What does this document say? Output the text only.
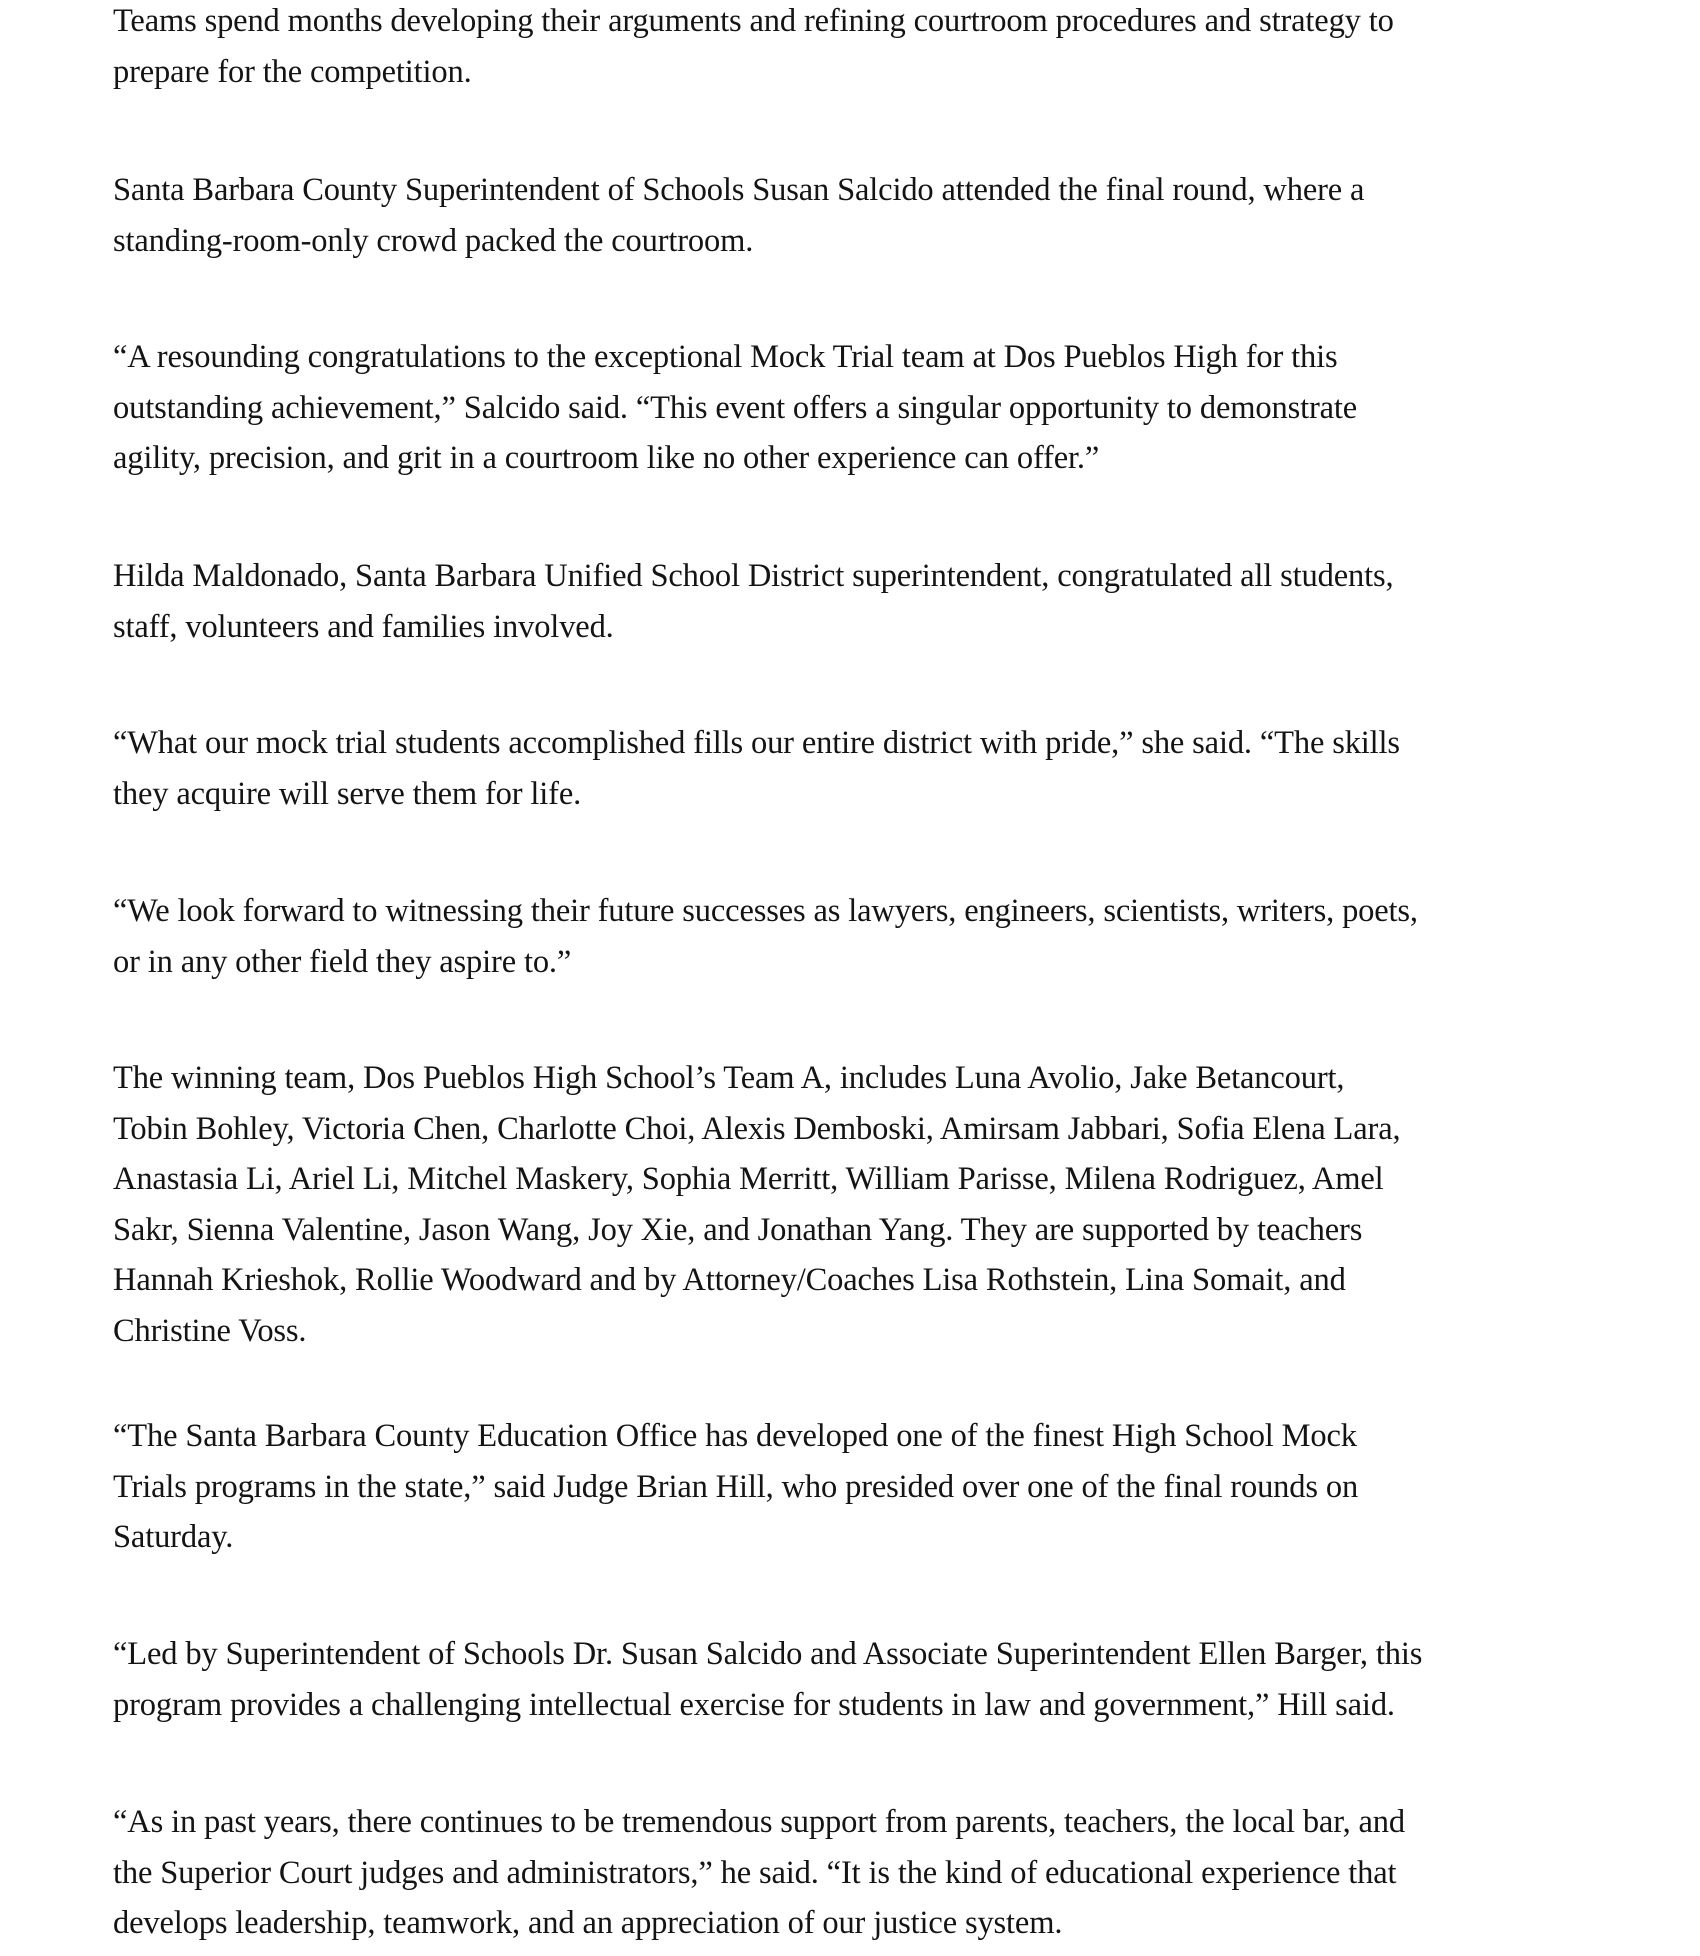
Teams spend months developing their arguments and refining courtroom procedures and strategy to
prepare for the competition.

Santa Barbara County Superintendent of Schools Susan Salcido attended the final round, where a
standing-room-only crowd packed the courtroom.

“A resounding congratulations to the exceptional Mock Trial team at Dos Pueblos High for this
outstanding achievement,” Salcido said. “This event offers a singular opportunity to demonstrate
agility, precision, and grit in a courtroom like no other experience can offer.”

Hilda Maldonado, Santa Barbara Unified School District superintendent, congratulated all students,
staff, volunteers and families involved.

“What our mock trial students accomplished fills our entire district with pride,” she said. “The skills
they acquire will serve them for life.

“We look forward to witnessing their future successes as lawyers, engineers, scientists, writers, poets,
or in any other field they aspire to.”

The winning team, Dos Pueblos High School’s Team A, includes Luna Avolio, Jake Betancourt,
Tobin Bohley, Victoria Chen, Charlotte Choi, Alexis Demboski, Amirsam Jabbari, Sofia Elena Lara,
Anastasia Li, Ariel Li, Mitchel Maskery, Sophia Merritt, William Parisse, Milena Rodriguez, Amel
Sakr, Sienna Valentine, Jason Wang, Joy Xie, and Jonathan Yang. They are supported by teachers
Hannah Krieshok, Rollie Woodward and by Attorney/Coaches Lisa Rothstein, Lina Somait, and
Christine Voss.

“The Santa Barbara County Education Office has developed one of the finest High School Mock
Trials programs in the state,” said Judge Brian Hill, who presided over one of the final rounds on
Saturday.

“Led by Superintendent of Schools Dr. Susan Salcido and Associate Superintendent Ellen Barger, this
program provides a challenging intellectual exercise for students in law and government,” Hill said.

“As in past years, there continues to be tremendous support from parents, teachers, the local bar, and
the Superior Court judges and administrators,” he said. “It is the kind of educational experience that
develops leadership, teamwork, and an appreciation of our justice system.
